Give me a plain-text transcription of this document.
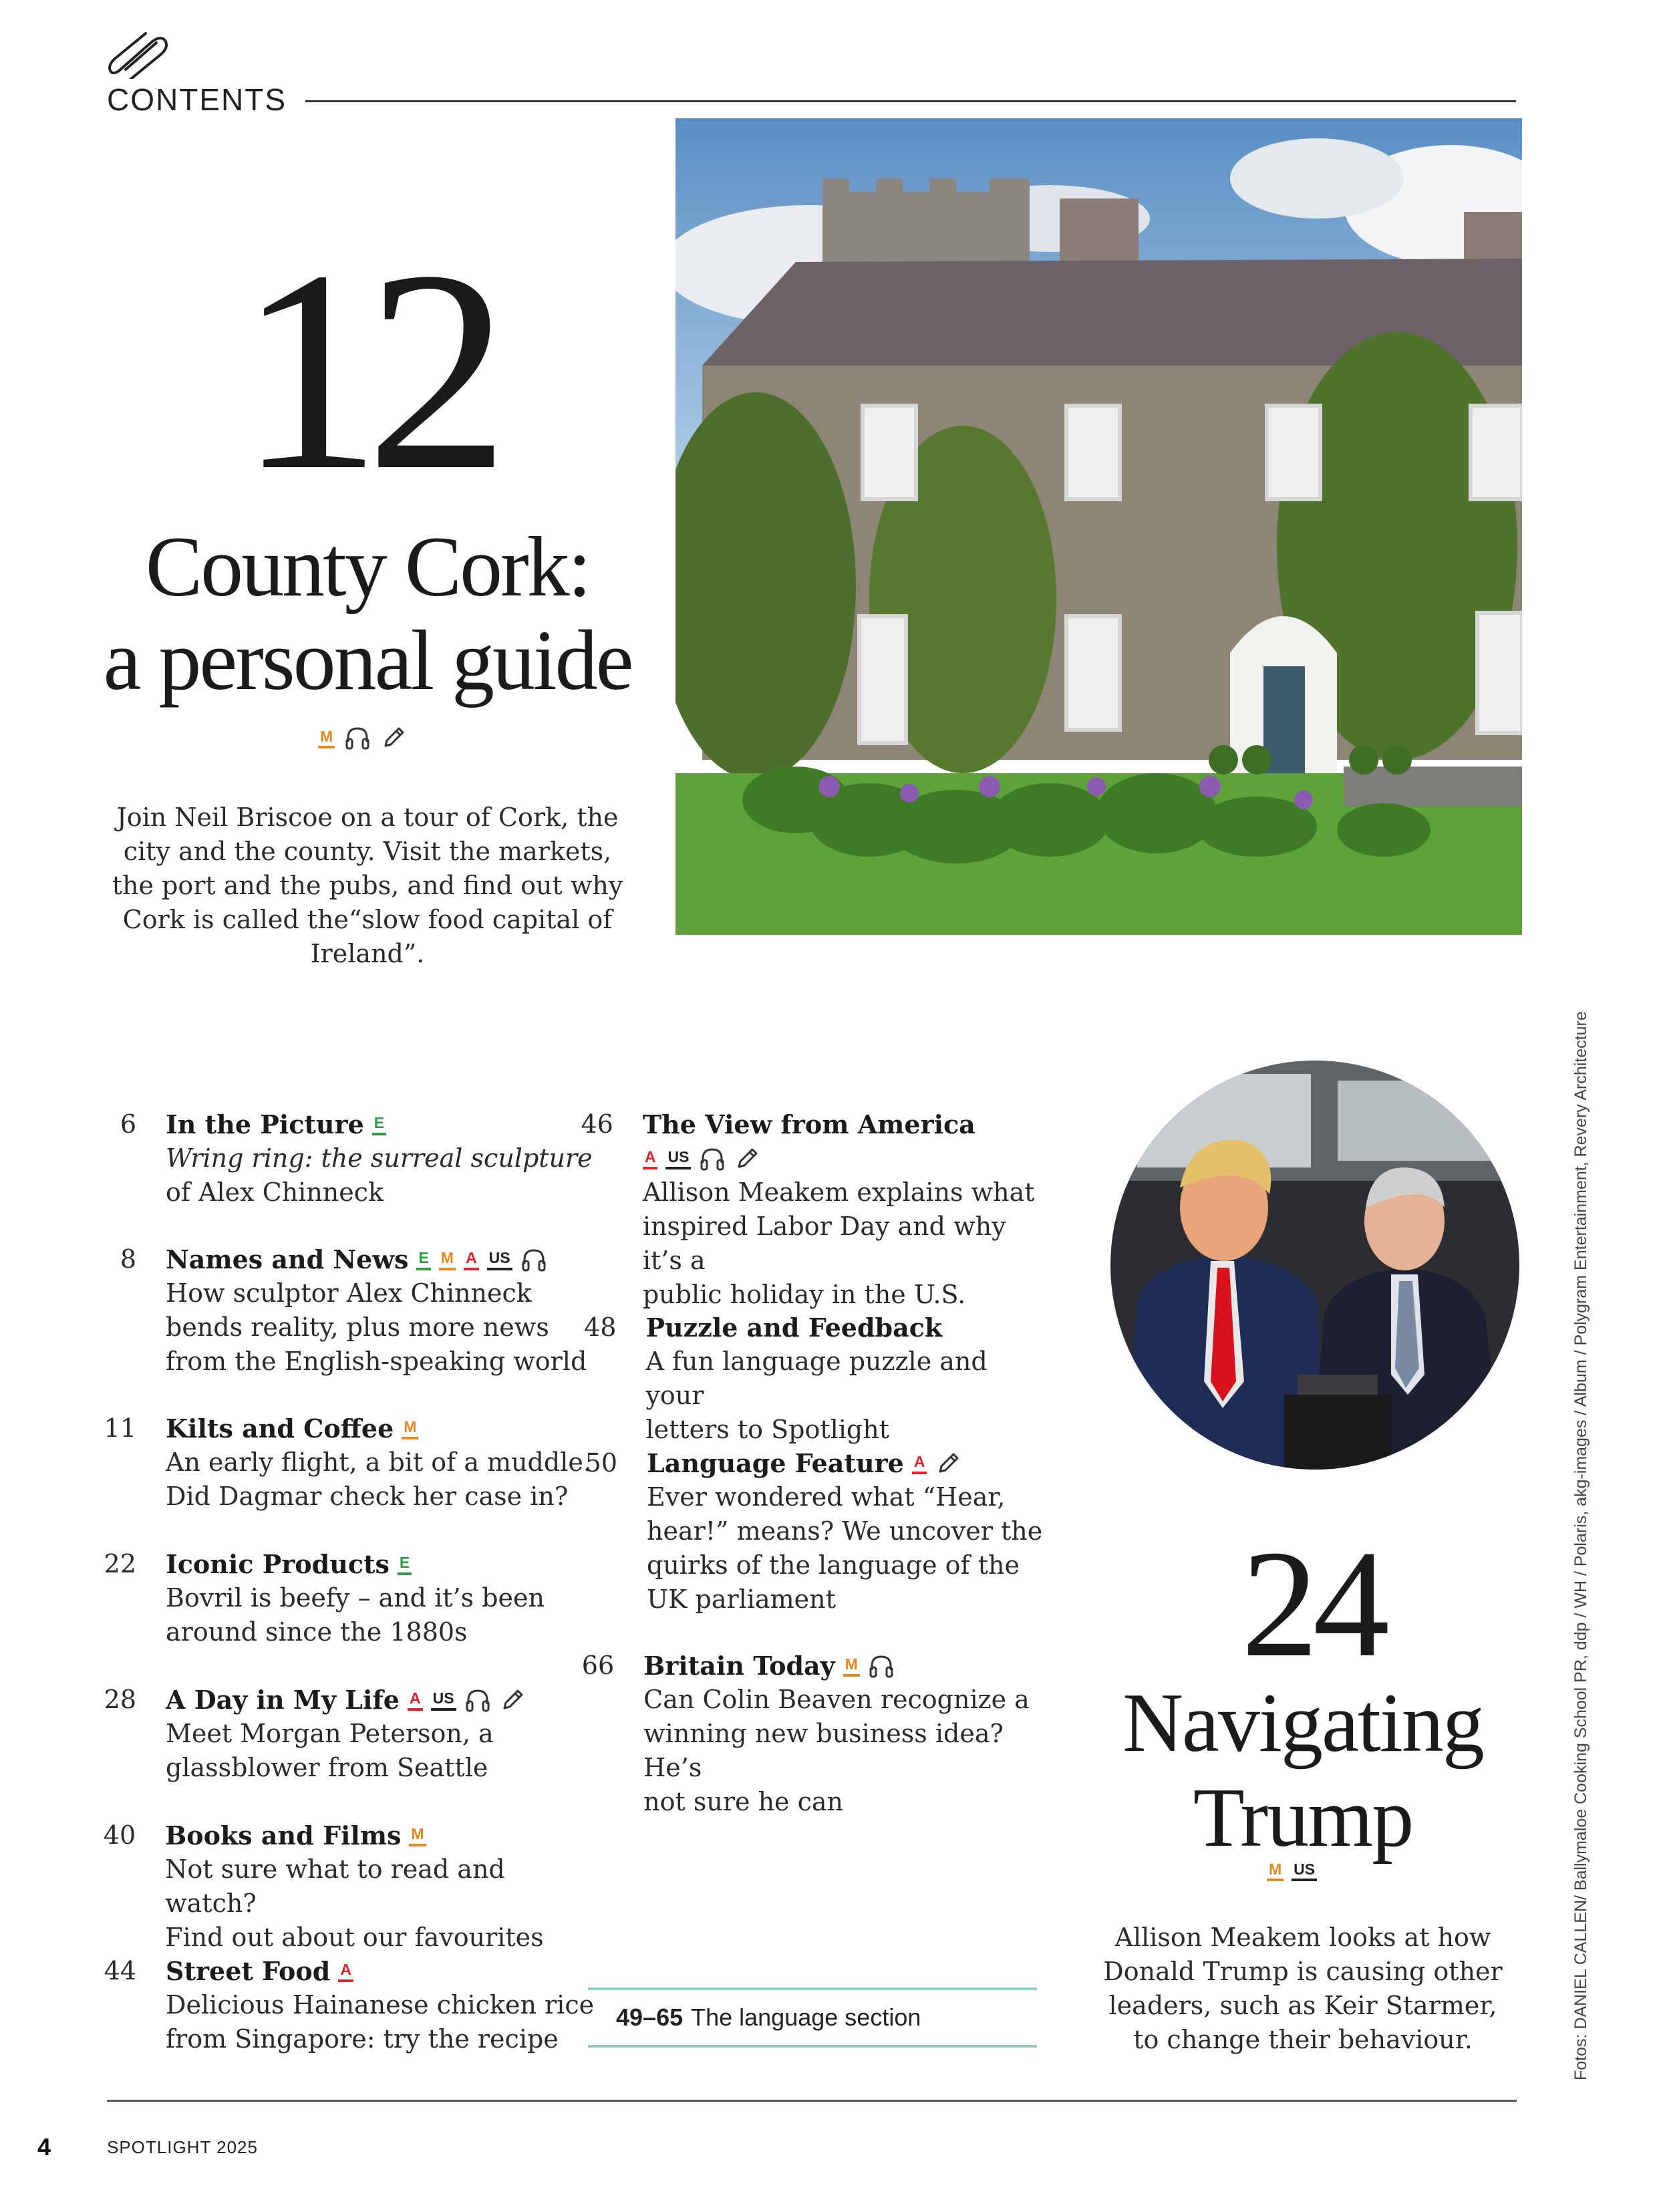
CONTENTS
12
County Cork:
a personal guide
M
Join Neil Briscoe on a tour of Cork, the city and the county. Visit the markets, the port and the pubs, and find out why Cork is called the“slow food capital of Ireland”.
Fotos: DANIEL CALLEN/ Ballymaloe Cooking School PR, ddp / WH / Polaris, akg-images / Album / Polygram Entertainment, Revery Architecture
6	In the Picture E
Wring ring: the surreal sculpture
of Alex Chinneck
8	Names and News E M A US
How sculptor Alex Chinneck
bends reality, plus more news
from the English-speaking world
11	Kilts and Coffee M
An early flight, a bit of a muddle.
Did Dagmar check her case in?
22	Iconic Products E
Bovril is beefy – and it’s been
around since the 1880s
28	A Day in My Life A US
Meet Morgan Peterson, a
glassblower from Seattle
40	Books and Films M
Not sure what to read and watch?
Find out about our favourites
44	Street Food A
Delicious Hainanese chicken rice
from Singapore: try the recipe
46	The View from America
A US
Allison Meakem explains what
inspired Labor Day and why it’s a
public holiday in the U.S.
48	Puzzle and Feedback
A fun language puzzle and your
letters to Spotlight
50	Language Feature A
Ever wondered what “Hear,
hear!” means? We uncover the
quirks of the language of the
UK parliament
66	Britain Today M
Can Colin Beaven recognize a
winning new business idea? He’s
not sure he can
49–65 The language section
24
Navigating
Trump
M US
Allison Meakem looks at how Donald Trump is causing other leaders, such as Keir Starmer, to change their behaviour.
4	SPOTLIGHT 2025
